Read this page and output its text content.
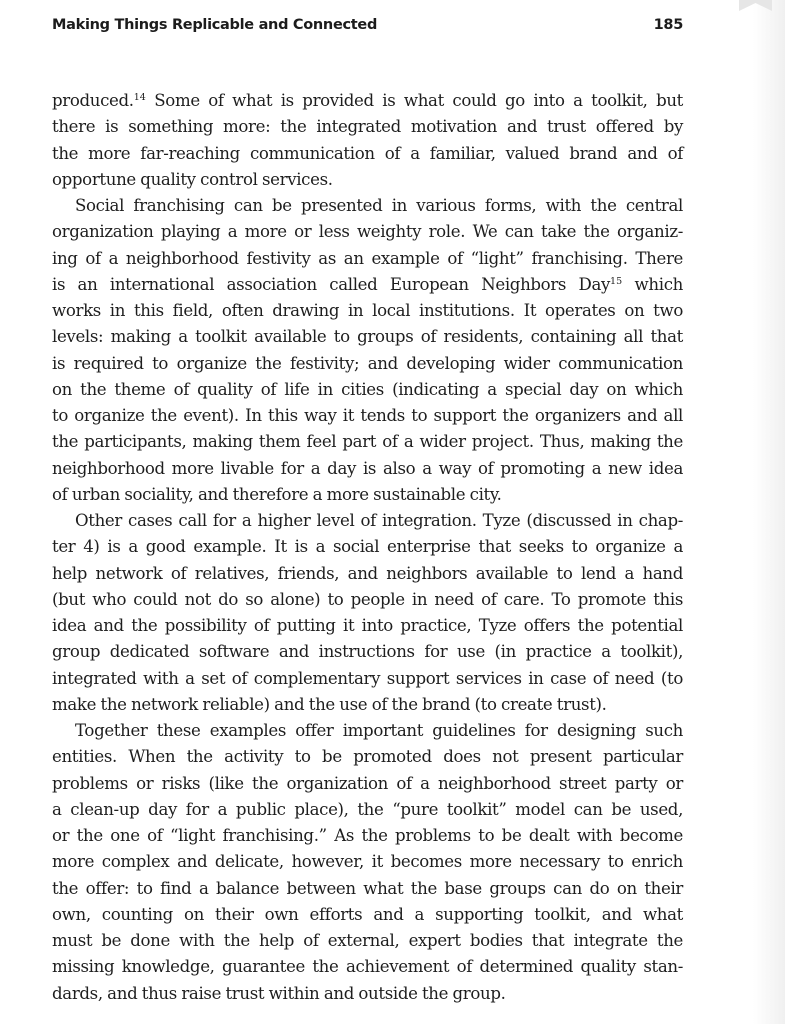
Making Things Replicable and Connected	185
produced.$^{14}$ Some of what is provided is what could go into a toolkit, but
there is something more: the integrated motivation and trust offered by
the more far-reaching communication of a familiar, valued brand and of
opportune quality control services.
Social franchising can be presented in various forms, with the central
organization playing a more or less weighty role. We can take the organiz-
ing of a neighborhood festivity as an example of “light” franchising. There
is an international association called European Neighbors Day$^{15}$ which
works in this field, often drawing in local institutions. It operates on two
levels: making a toolkit available to groups of residents, containing all that
is required to organize the festivity; and developing wider communication
on the theme of quality of life in cities (indicating a special day on which
to organize the event). In this way it tends to support the organizers and all
the participants, making them feel part of a wider project. Thus, making the
neighborhood more livable for a day is also a way of promoting a new idea
of urban sociality, and therefore a more sustainable city.
Other cases call for a higher level of integration. Tyze (discussed in chap-
ter 4) is a good example. It is a social enterprise that seeks to organize a
help network of relatives, friends, and neighbors available to lend a hand
(but who could not do so alone) to people in need of care. To promote this
idea and the possibility of putting it into practice, Tyze offers the potential
group dedicated software and instructions for use (in practice a toolkit),
integrated with a set of complementary support services in case of need (to
make the network reliable) and the use of the brand (to create trust).
Together these examples offer important guidelines for designing such
entities. When the activity to be promoted does not present particular
problems or risks (like the organization of a neighborhood street party or
a clean-up day for a public place), the “pure toolkit” model can be used,
or the one of “light franchising.” As the problems to be dealt with become
more complex and delicate, however, it becomes more necessary to enrich
the offer: to find a balance between what the base groups can do on their
own, counting on their own efforts and a supporting toolkit, and what
must be done with the help of external, expert bodies that integrate the
missing knowledge, guarantee the achievement of determined quality stan-
dards, and thus raise trust within and outside the group.
